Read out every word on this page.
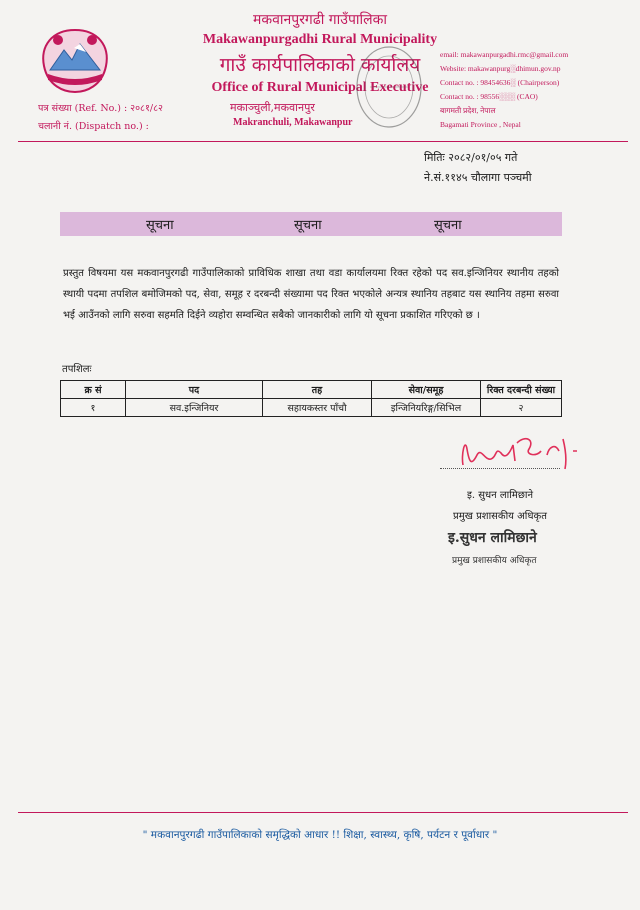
मकवानपुरगढी गाउँपालिका
Makawanpurgadhi Rural Municipality
गाउँ कार्यपालिकाको कार्यालय
Office of Rural Municipal Executive
मकाञ्चुली,मकवानपुर
Makranchuli, Makawanpur
email: makawanpurgadhi.rmc@gmail.com
Website: makawanpurg░dhimun.gov.np
Contact no. : 98454636░ (Chairperson)
Contact no. : 98556░░░ (CAO)
बागमती प्रदेश, नेपाल
Bagamati Province , Nepal
पत्र संख्या (Ref. No.) : २०८१/८२
चलानी नं. (Dispatch no.) :
मितिः २०८२/०१/०५ गते
ने.सं.११४५ चौलागा पञ्चमी
सूचना	सूचना	सूचना
प्रस्तुत विषयमा यस मकवानपुरगढी गाउँपालिकाको प्राविधिक शाखा तथा वडा कार्यालयमा रिक्त रहेको पद सव.इन्जिनियर स्थानीय तहको स्थायी पदमा तपशिल बमोजिमको पद, सेवा, समूह र दरबन्दी संख्यामा पद रिक्त भएकोले अन्यत्र स्थानिय तहबाट यस स्थानिय तहमा सरुवा भई आउँनको लागि सरुवा सहमति दिईने व्यहोरा सम्वन्धित सबैको जानकारीको लागि यो सूचना प्रकाशित गरिएको छ ।
तपशिलः
क्र सं	पद	तह	सेवा/समूह	रिक्त दरबन्दी संख्या
१	सव.इन्जिनियर	सहायकस्तर पाँचौ	इन्जिनियरिङ्ग/सिभिल	२
इ. सुधन लामिछाने
प्रमुख प्रशासकीय अधिकृत
इ.सुधन लामिछाने
प्रमुख प्रशासकीय अधिकृत
" मकवानपुरगढी गाउँपालिकाको समृद्धिको आधार !! शिक्षा, स्वास्थ्य, कृषि, पर्यटन र पूर्वाधार "
